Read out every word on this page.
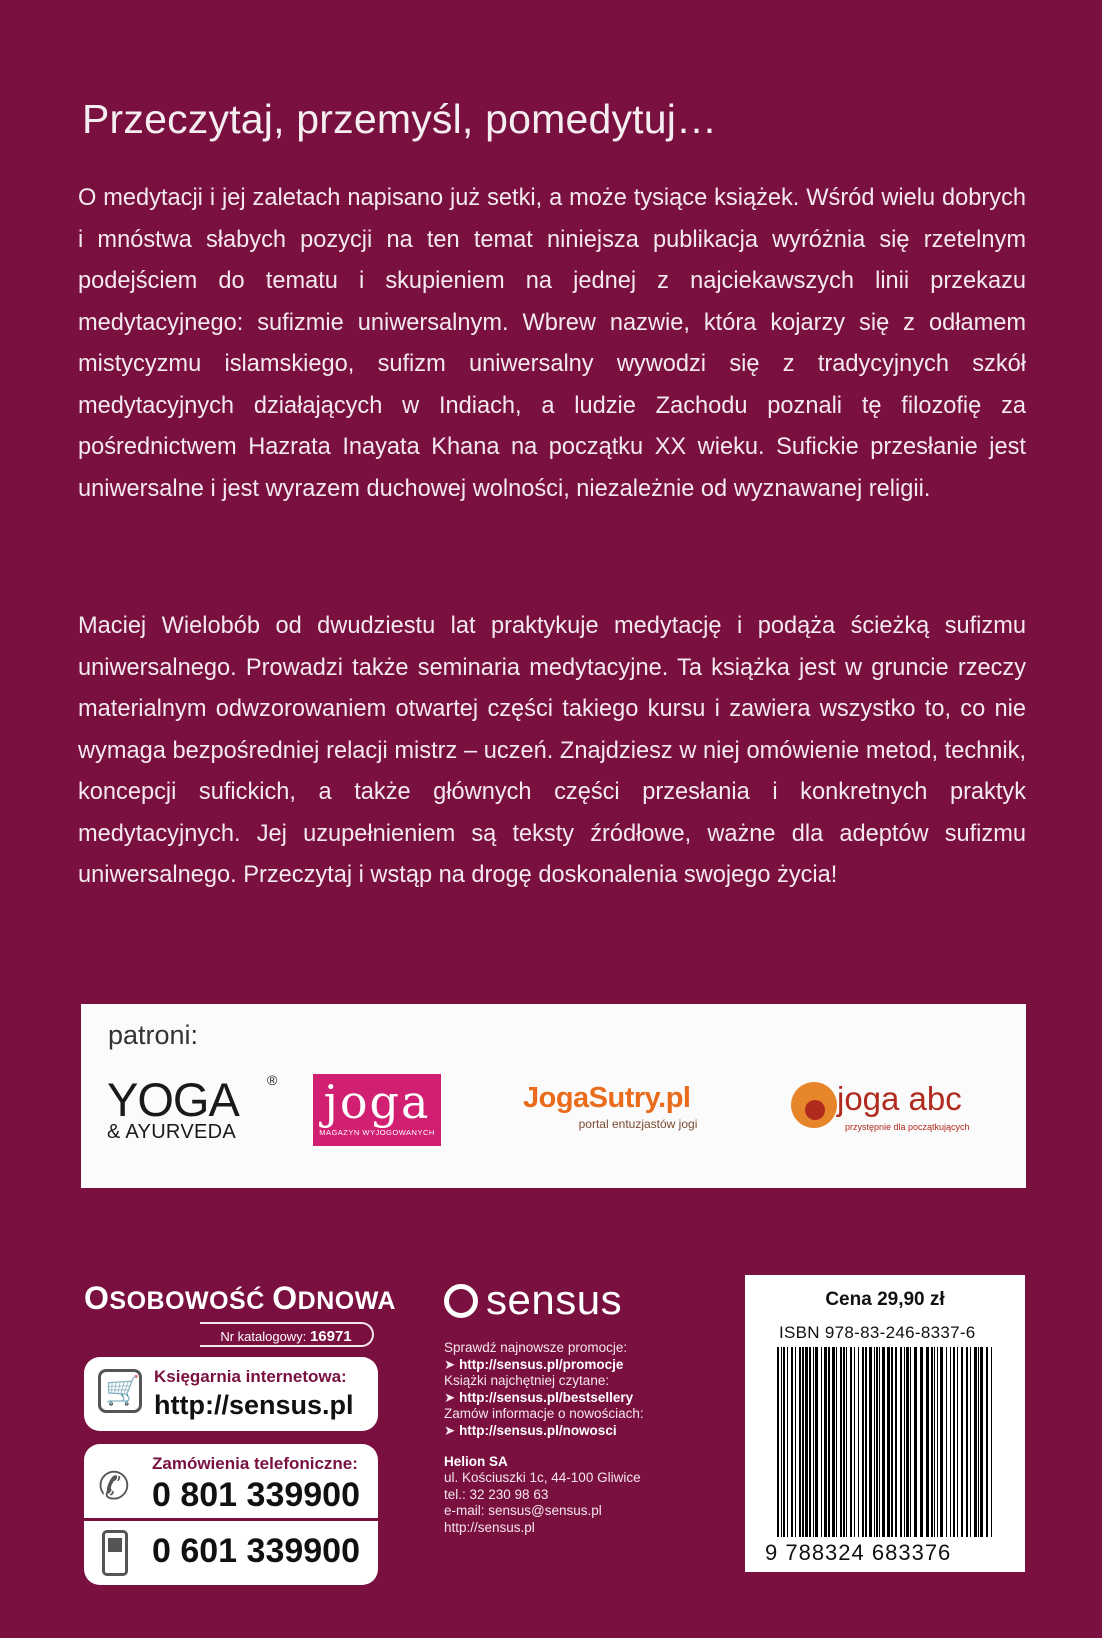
Przeczytaj, przemyśl, pomedytuj…

O medytacji i jej zaletach napisano już setki, a może tysiące książek. Wśród wielu dobrych i mnóstwa słabych pozycji na ten temat niniejsza publikacja wyróżnia się rzetelnym podejściem do tematu i skupieniem na jednej z najciekawszych linii przekazu medytacyjnego: sufizmie uniwersalnym. Wbrew nazwie, która kojarzy się z odłamem mistycyzmu islamskiego, sufizm uniwersalny wywodzi się z tradycyjnych szkół medytacyjnych działających w Indiach, a ludzie Zachodu poznali tę filozofię za pośrednictwem Hazrata Inayata Khana na początku XX wieku. Sufickie przesłanie jest uniwersalne i jest wyrazem duchowej wolności, niezależnie od wyznawanej religii.

Maciej Wielobób od dwudziestu lat praktykuje medytację i podąża ścieżką sufizmu uniwersalnego. Prowadzi także seminaria medytacyjne. Ta książka jest w gruncie rzeczy materialnym odwzorowaniem otwartej części takiego kursu i zawiera wszystko to, co nie wymaga bezpośredniej relacji mistrz – uczeń. Znajdziesz w niej omówienie metod, technik, koncepcji sufickich, a także głównych części przesłania i konkretnych praktyk medytacyjnych. Jej uzupełnieniem są teksty źródłowe, ważne dla adeptów sufizmu uniwersalnego. Przeczytaj i wstąp na drogę doskonalenia swojego życia!

patroni:
YOGA	®
& AYURVEDA
joga
MAGAZYN WYJOGOWANYCH
JogaSutry.pl
portal entuzjastów jogi
joga abc
przystępnie dla początkujących
OSOBOWOŚĆ ODNOWA
Nr katalogowy: 16971
🛒
Księgarnia internetowa:
http://sensus.pl
✆
Zamówienia telefoniczne:
0 801 339900
0 601 339900
sensus
Sprawdź najnowsze promocje:
➤ http://sensus.pl/promocje
Książki najchętniej czytane:
➤ http://sensus.pl/bestsellery
Zamów informacje o nowościach:
➤ http://sensus.pl/nowosci
Helion SA
ul. Kościuszki 1c, 44-100 Gliwice
tel.: 32 230 98 63
e-mail: sensus@sensus.pl
http://sensus.pl
Cena 29,90 zł
ISBN 978-83-246-8337-6
9 788324 683376
